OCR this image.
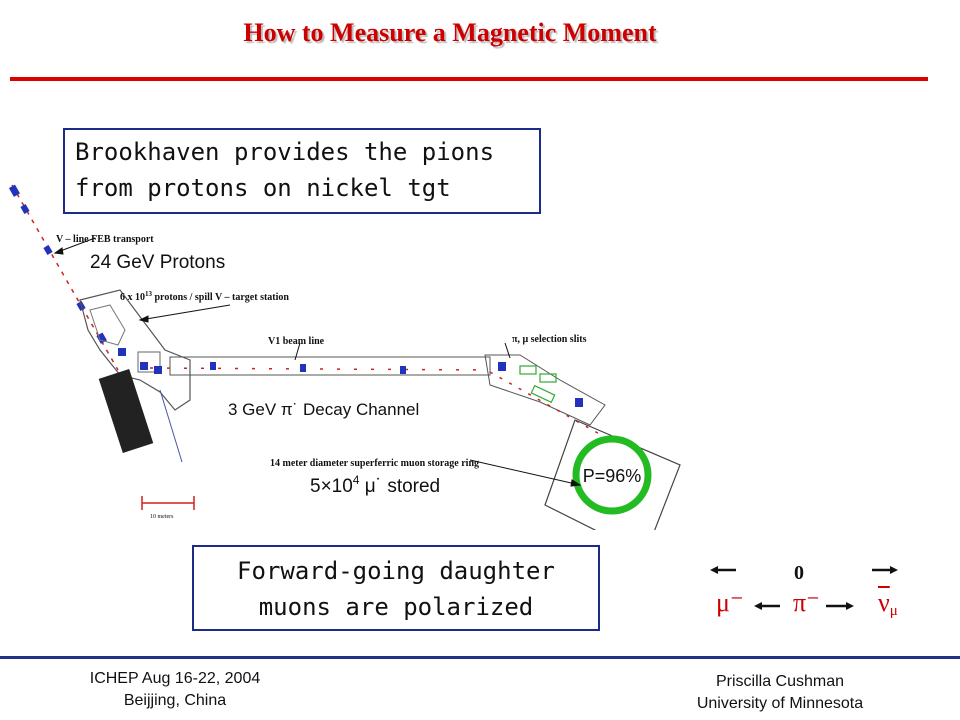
How to Measure a Magnetic Moment
V – line FEB transport
24 GeV Protons
6 x $10^{13}$ protons / spill V – target station
V1 beam line	π, μ selection slits
3 GeV π˙ Decay Channel
14 meter diameter superferric muon storage ring
$5\times 10^4$ μ˙ stored	P=96%
10 meters
Brookhaven provides the pions
from protons on nickel tgt
Forward-going daughter
muons are polarized
0
μ⁻ π⁻ $\overline{\nu}\mu$
ICHEP Aug 16-22, 2004
Beijjing, China
Priscilla Cushman
University of Minnesota
